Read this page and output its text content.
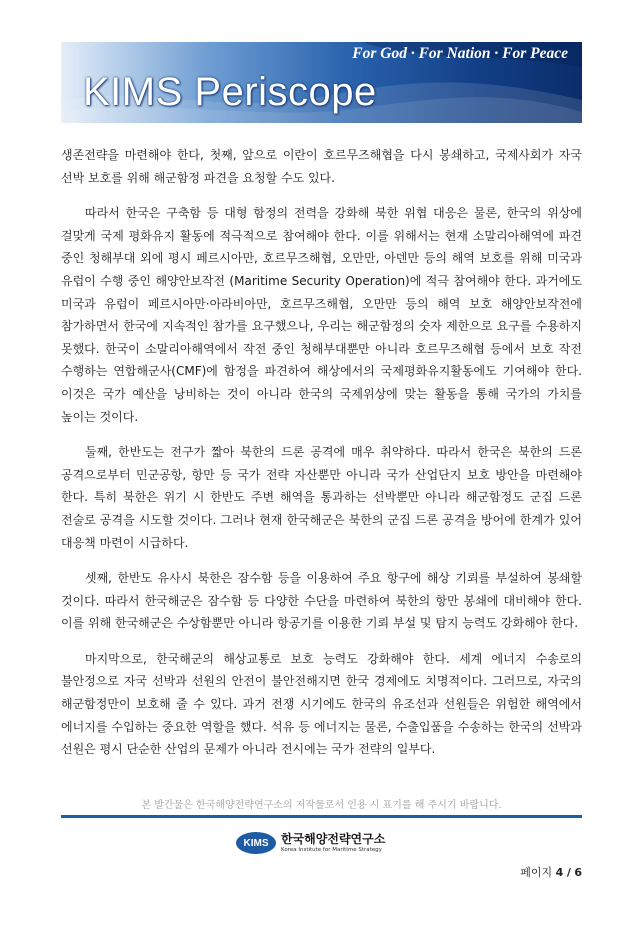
For God · For Nation · For Peace
KIMS Periscope

생존전략을 마련해야 한다, 첫째, 앞으로 이란이 호르무즈해협을 다시 봉쇄하고, 국제사회가 자국 선박 보호를 위해 해군함정 파견을 요청할 수도 있다.

따라서 한국은 구축함 등 대형 함정의 전력을 강화해 북한 위협 대응은 물론, 한국의 위상에 걸맞게 국제 평화유지 활동에 적극적으로 참여해야 한다. 이를 위해서는 현재 소말리아해역에 파견 중인 청해부대 외에 평시 페르시아만, 호르무즈해협, 오만만, 아덴만 등의 해역 보호를 위해 미국과 유럽이 수행 중인 해양안보작전 (Maritime Security Operation)에 적극 참여해야 한다. 과거에도 미국과 유럽이 페르시아만·아라비아만, 호르무즈해협, 오만만 등의 해역 보호 해양안보작전에 참가하면서 한국에 지속적인 참가를 요구했으나, 우리는 해군함정의 숫자 제한으로 요구를 수용하지 못했다. 한국이 소말리아해역에서 작전 중인 청해부대뿐만 아니라 호르무즈해협 등에서 보호 작전 수행하는 연합해군사(CMF)에 함정을 파견하여 해상에서의 국제평화유지활동에도 기여해야 한다. 이것은 국가 예산을 낭비하는 것이 아니라 한국의 국제위상에 맞는 활동을 통해 국가의 가치를 높이는 것이다.

둘째, 한반도는 전구가 짧아 북한의 드론 공격에 매우 취약하다. 따라서 한국은 북한의 드론 공격으로부터 민군공항, 항만 등 국가 전략 자산뿐만 아니라 국가 산업단지 보호 방안을 마련해야 한다. 특히 북한은 위기 시 한반도 주변 해역을 통과하는 선박뿐만 아니라 해군함정도 군집 드론 전술로 공격을 시도할 것이다. 그러나 현재 한국해군은 북한의 군집 드론 공격을 방어에 한계가 있어 대응책 마련이 시급하다.

셋째, 한반도 유사시 북한은 잠수함 등을 이용하여 주요 항구에 해상 기뢰를 부설하여 봉쇄할 것이다. 따라서 한국해군은 잠수함 등 다양한 수단을 마련하여 북한의 항만 봉쇄에 대비해야 한다. 이를 위해 한국해군은 수상함뿐만 아니라 항공기를 이용한 기뢰 부설 및 탐지 능력도 강화해야 한다.

마지막으로, 한국해군의 해상교통로 보호 능력도 강화해야 한다. 세계 에너지 수송로의 불안정으로 자국 선박과 선원의 안전이 불안전해지면 한국 경제에도 치명적이다. 그러므로, 자국의 해군함정만이 보호해 줄 수 있다. 과거 전쟁 시기에도 한국의 유조선과 선원들은 위험한 해역에서 에너지를 수입하는 중요한 역할을 했다. 석유 등 에너지는 물론, 수출입품을 수송하는 한국의 선박과 선원은 평시 단순한 산업의 문제가 아니라 전시에는 국가 전략의 일부다.

본 발간물은 한국해양전략연구소의 저작물로서 인용 시 표기를 해 주시기 바랍니다.
KIMS	한국해양전략연구소
Korea Institute for Maritime Strategy
페이지 4 / 6
